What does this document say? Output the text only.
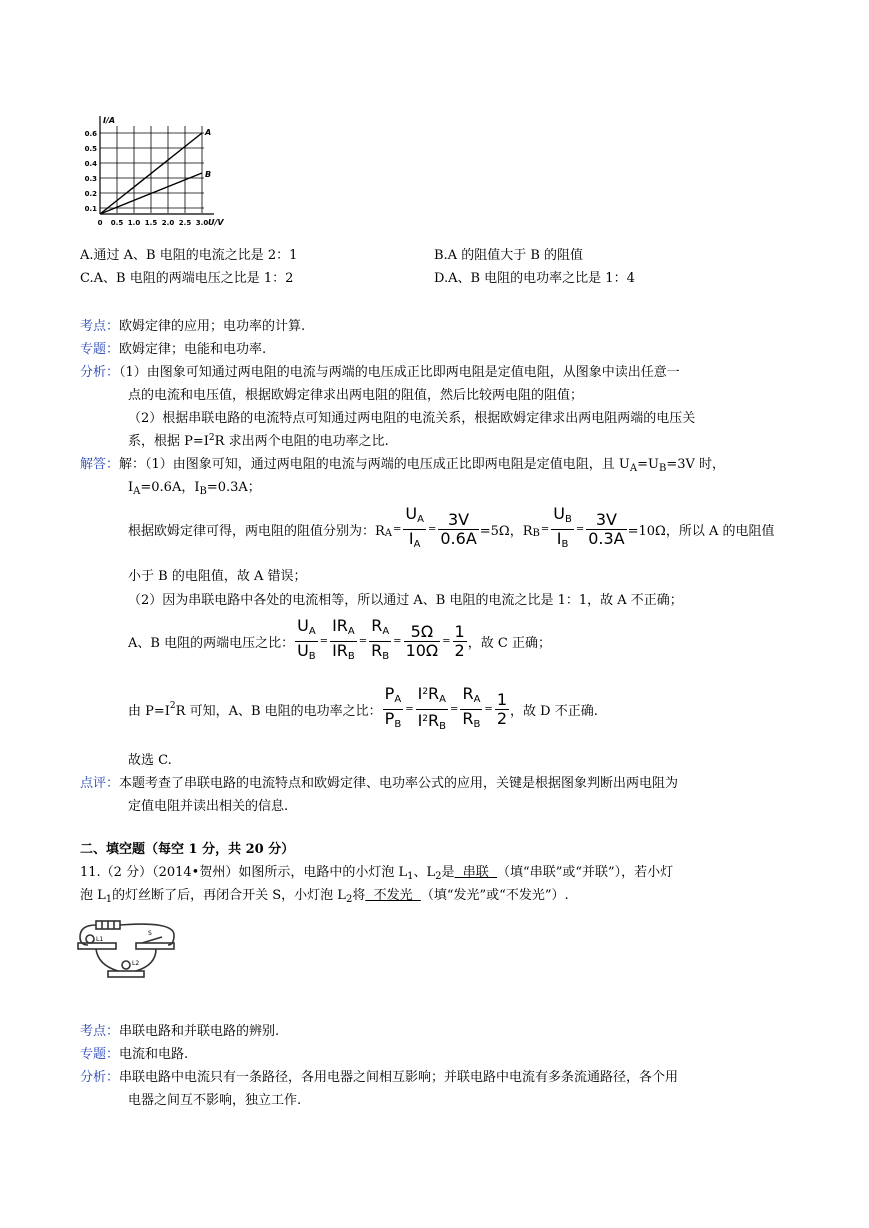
I/A
0.6
0.5
0.4
0.3
0.2
0.1
0 0.5 1.0 1.5 2.0 2.5 3.0 U/V
A
B
A.通过 A、B 电阻的电流之比是 2：1	B.A 的阻值大于 B 的阻值
C.A、B 电阻的两端电压之比是 1：2	D.A、B 电阻的电功率之比是 1：4
考点：欧姆定律的应用；电功率的计算.
专题：欧姆定律；电能和电功率.
分析：（1）由图象可知通过两电阻的电流与两端的电压成正比即两电阻是定值电阻，从图象中读出任意一
点的电流和电压值，根据欧姆定律求出两电阻的阻值，然后比较两电阻的阻值；
（2）根据串联电路的电流特点可知通过两电阻的电流关系，根据欧姆定律求出两电阻两端的电压关
系，根据 $P=I^2R$ 求出两个电阻的电功率之比.
解答：解：（1）由图象可知，通过两电阻的电流与两端的电压成正比即两电阻是定值电阻，且 $U_A=U_B=3V$ 时，
$I_A=0.6A$，$I_B=0.3A$；
根据欧姆定律可得，两电阻的阻值分别为：$R_A= \frac{U_A}{I_A} = \frac{3V}{0.6A} =5\Omega$，$R_B= \frac{U_B}{I_B} = \frac{3V}{0.3A} =10\Omega$，所以 A 的电阻值
小于 B 的电阻值，故 A 错误；
（2）因为串联电路中各处的电流相等，所以通过 A、B 电阻的电流之比是 1：1，故 A 不正确；
A、B 电阻的两端电压之比： $\frac{U_A}{U_B} = \frac{IR_A}{IR_B} = \frac{R_A}{R_B} = \frac{5\Omega}{10\Omega} = \frac{1}{2}$ ，故 C 正确；
由 $P=I^2R$ 可知，A、B 电阻的电功率之比： $\frac{P_A}{P_B} = \frac{I^2R_A}{I^2R_B} = \frac{R_A}{R_B} = \frac{1}{2}$ ，故 D 不正确.
故选 C.
点评：本题考查了串联电路的电流特点和欧姆定律、电功率公式的应用，关键是根据图象判断出两电阻为
定值电阻并读出相关的信息.
二、填空题（每空 1 分，共 20 分）
11.（2 分）（2014•贺州）如图所示，电路中的小灯泡 $L_1$、$L_2$是  串联  （填“串联”或“并联”），若小灯
泡 $L_1$的灯丝断了后，再闭合开关 S，小灯泡 $L_2$将  不发光  （填“发光”或“不发光”）.
L1
S
L2
考点：串联电路和并联电路的辨别.
专题：电流和电路.
分析：串联电路中电流只有一条路径，各用电器之间相互影响；并联电路中电流有多条流通路径，各个用
电器之间互不影响，独立工作.
